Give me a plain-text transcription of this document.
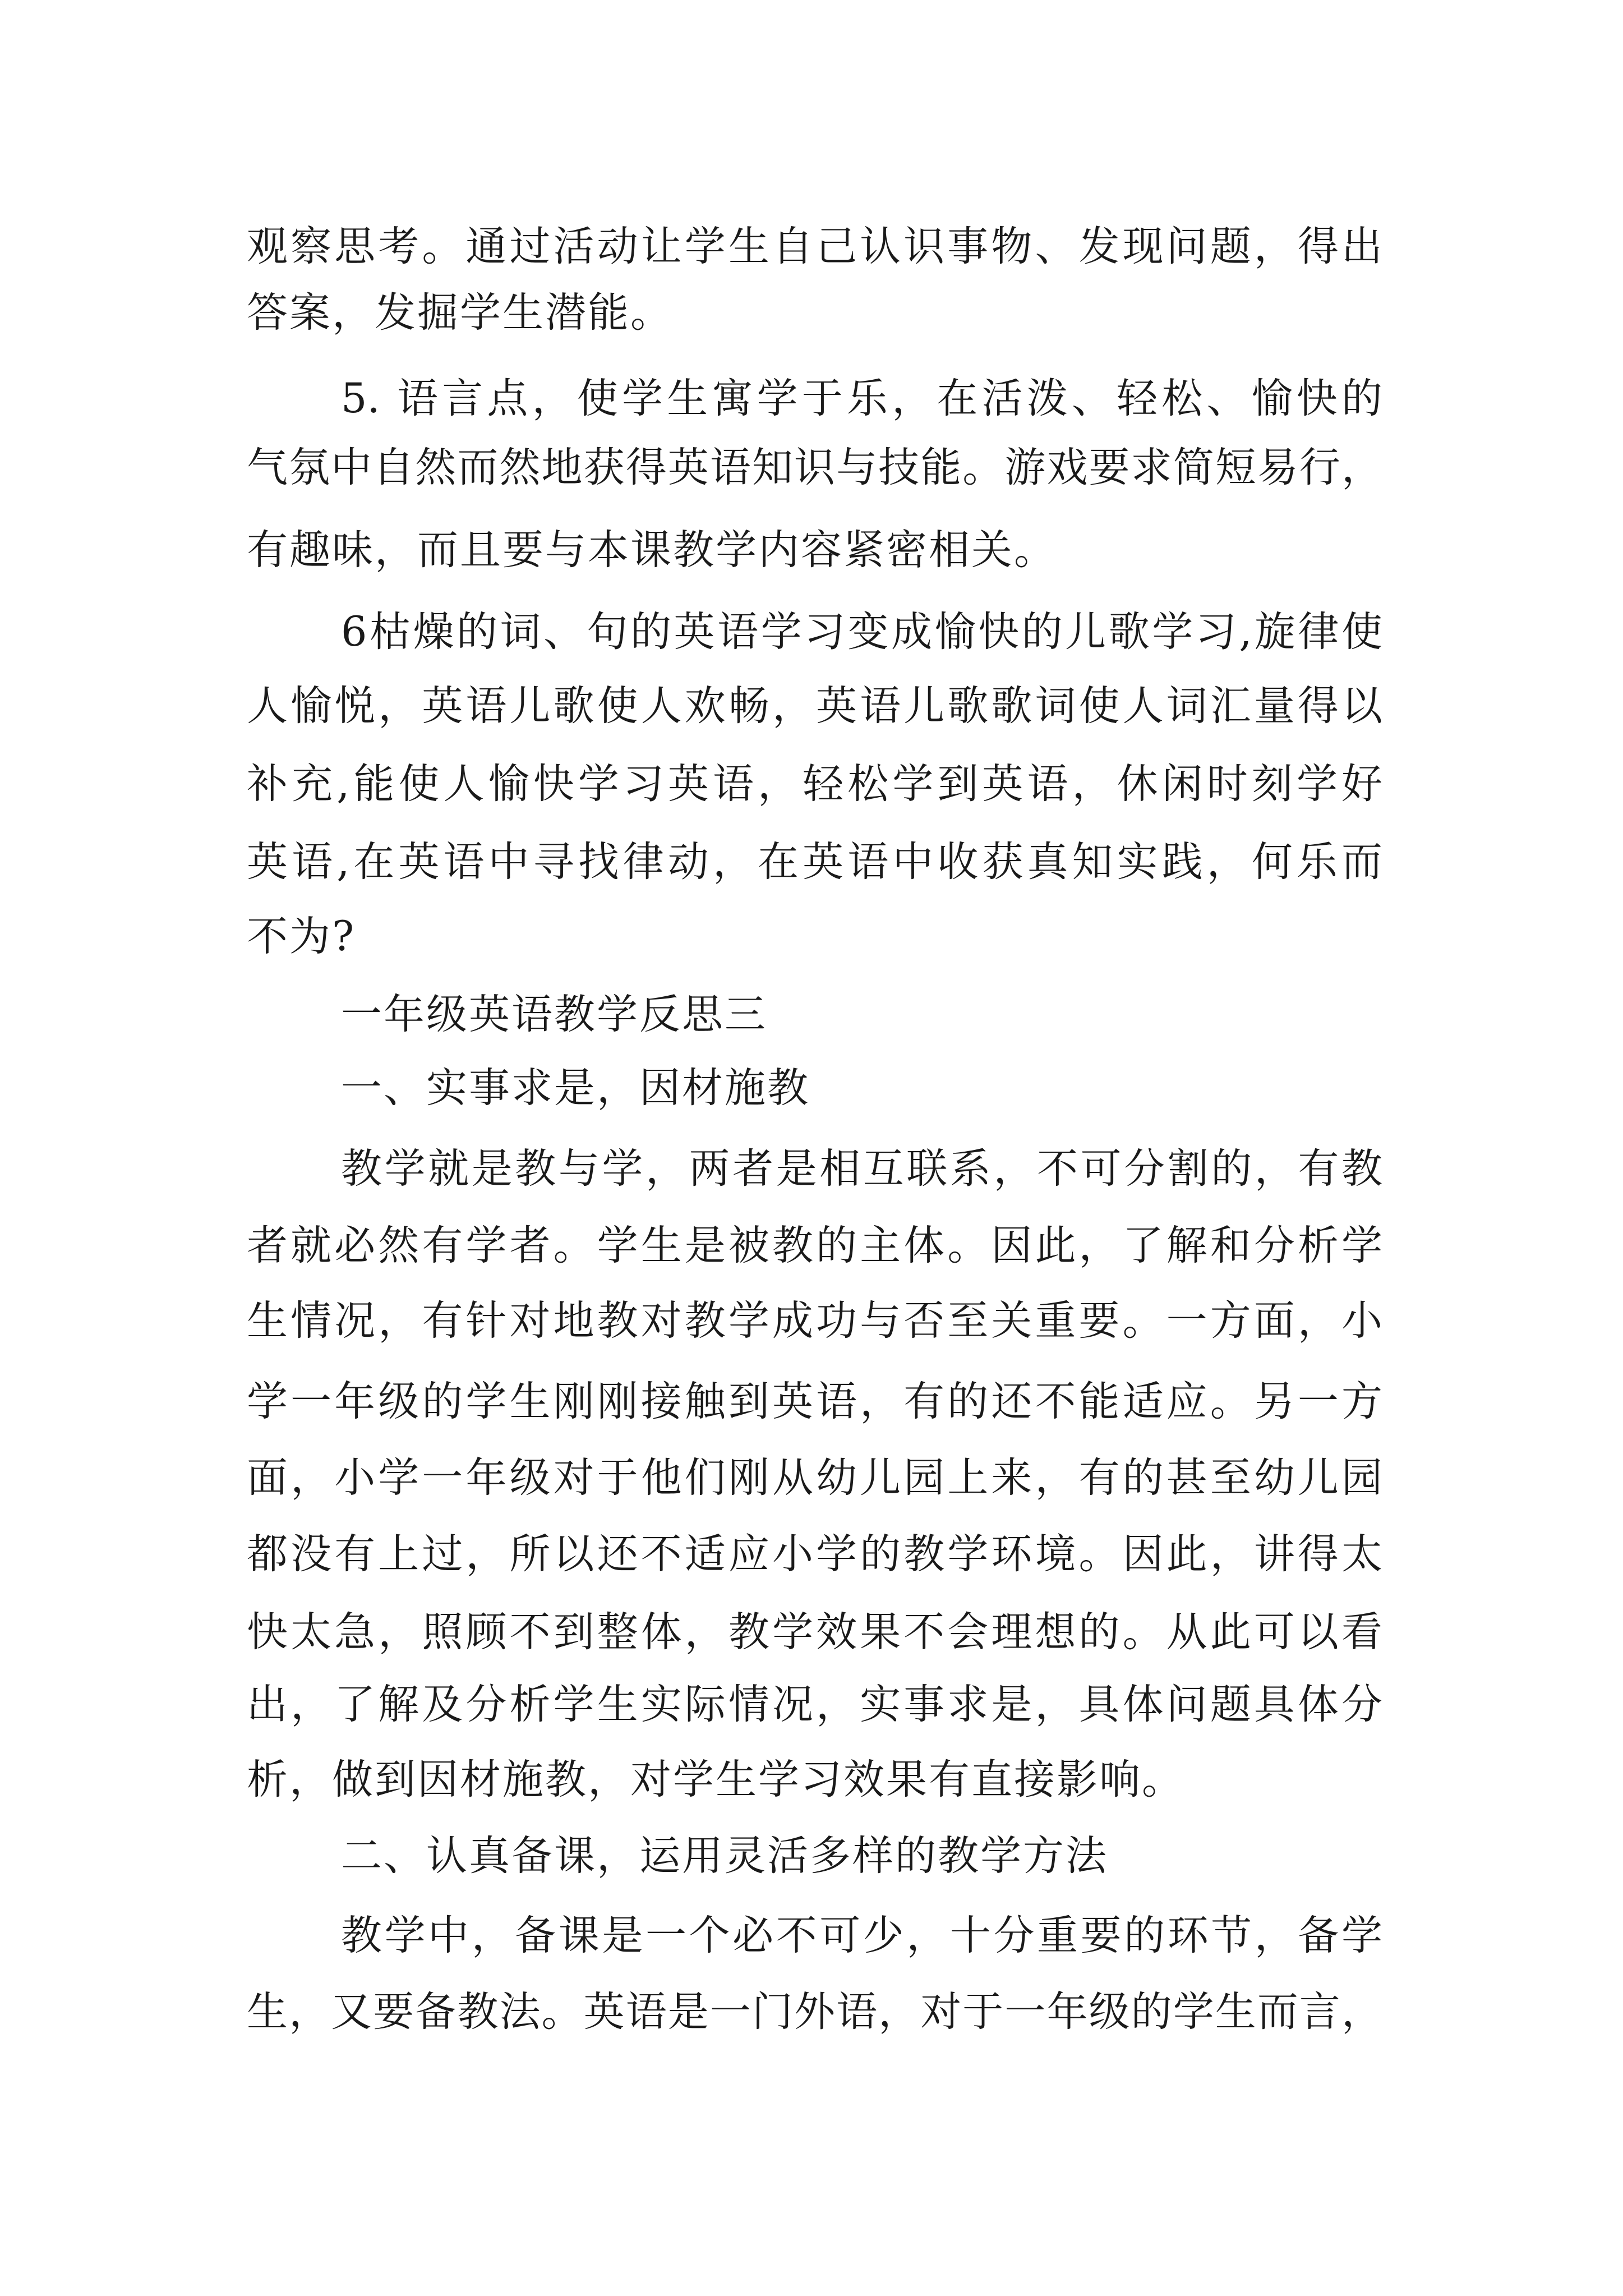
观察思考。通过活动让学生自己认识事物、发现问题，得出
答案，发掘学生潜能。
5. 语言点，使学生寓学于乐，在活泼、轻松、愉快的
气氛中自然而然地获得英语知识与技能。游戏要求简短易行，
有趣味，而且要与本课教学内容紧密相关。
6枯燥的词、句的英语学习变成愉快的儿歌学习,旋律使
人愉悦，英语儿歌使人欢畅，英语儿歌歌词使人词汇量得以
补充,能使人愉快学习英语，轻松学到英语，休闲时刻学好
英语,在英语中寻找律动，在英语中收获真知实践，何乐而
不为?
一年级英语教学反思三
一、实事求是，因材施教
教学就是教与学，两者是相互联系，不可分割的，有教
者就必然有学者。学生是被教的主体。因此，了解和分析学
生情况，有针对地教对教学成功与否至关重要。一方面，小
学一年级的学生刚刚接触到英语，有的还不能适应。另一方
面，小学一年级对于他们刚从幼儿园上来，有的甚至幼儿园
都没有上过，所以还不适应小学的教学环境。因此，讲得太
快太急，照顾不到整体，教学效果不会理想的。从此可以看
出，了解及分析学生实际情况，实事求是，具体问题具体分
析，做到因材施教，对学生学习效果有直接影响。
二、认真备课，运用灵活多样的教学方法
教学中，备课是一个必不可少，十分重要的环节，备学
生，又要备教法。英语是一门外语，对于一年级的学生而言，
